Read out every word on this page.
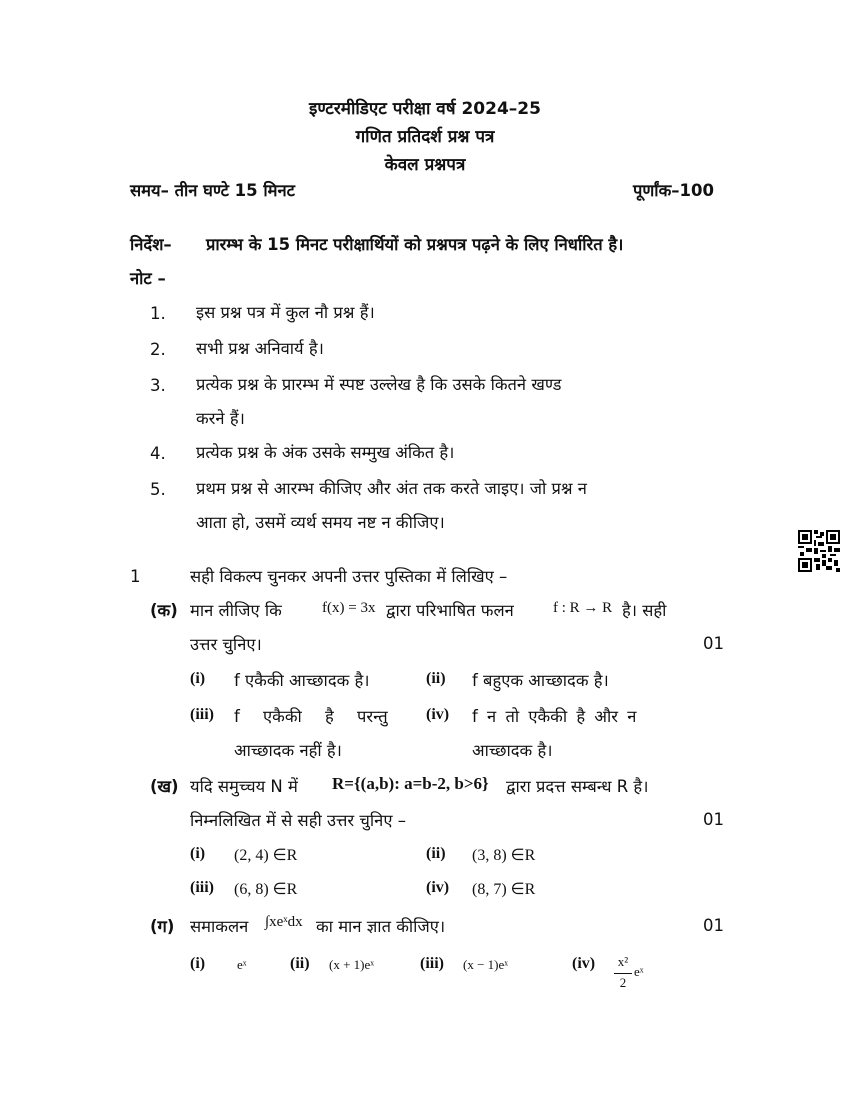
इण्टरमीडिएट परीक्षा वर्ष 2024–25
गणित प्रतिदर्श प्रश्न पत्र
केवल प्रश्नपत्र
समय– तीन घण्टे 15 मिनट	पूर्णांक–100
निर्देश– प्रारम्भ के 15 मिनट परीक्षार्थियों को प्रश्नपत्र पढ़ने के लिए निर्धारित है।
नोट –
1. इस प्रश्न पत्र में कुल नौ प्रश्न हैं।
2. सभी प्रश्न अनिवार्य है।
3. प्रत्येक प्रश्न के प्रारम्भ में स्पष्ट उल्लेख है कि उसके कितने खण्ड
करने हैं।
4. प्रत्येक प्रश्न के अंक उसके सम्मुख अंकित है।
5. प्रथम प्रश्न से आरम्भ कीजिए और अंत तक करते जाइए। जो प्रश्न न
आता हो, उसमें व्यर्थ समय नष्ट न कीजिए।
1	सही विकल्प चुनकर अपनी उत्तर पुस्तिका में लिखिए –
(क) मान लीजिए कि	f(x) = 3x द्वारा परिभाषित फलन	f : R → R है। सही
उत्तर चुनिए।	01
(i) f एकैकी आच्छादक है।	(ii) f बहुएक आच्छादक है।
(iii) f एकैकी है परन्तु
आच्छादक नहीं है।
(iv) f न तो एकैकी है और न
आच्छादक है।
(ख) यदि समुच्चय N में R={(a,b): a=b-2, b>6} द्वारा प्रदत्त सम्बन्ध R है।
निम्नलिखित में से सही उत्तर चुनिए –	01
(i) (2, 4) ∈R	(ii) (3, 8) ∈R
(iii) (6, 8) ∈R	(iv) (8, 7) ∈R
(ग) समाकलन ∫xeˣdx का मान ज्ञात कीजिए।	01
(i) eˣ	(ii) (x + 1)eˣ	(iii) (x − 1)eˣ	(iv) x²
2
eˣ
